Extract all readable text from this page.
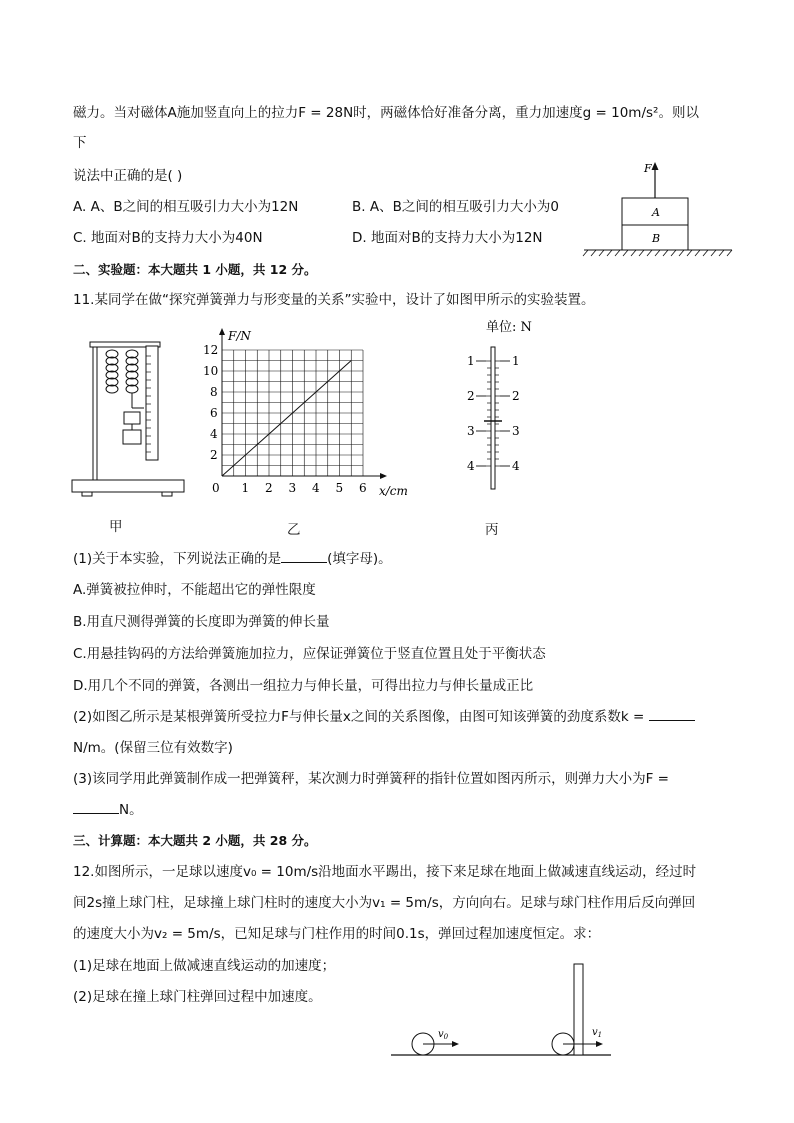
磁力。当对磁体A施加竖直向上的拉力F = 28N时，两磁体恰好准备分离，重力加速度g = 10m/s²。则以
下
说法中正确的是( )
A. A、B之间的相互吸引力大小为12N	B. A、B之间的相互吸引力大小为0
C. 地面对B的支持力大小为40N	D. 地面对B的支持力大小为12N
F
A
B
二、实验题：本大题共 1 小题，共 12 分。
11.某同学在做“探究弹簧弹力与形变量的关系”实验中，设计了如图甲所示的实验装置。
甲
0 1 2 3 4 5 6
2
4
6
8
10
12
x/cm
F/N
乙
单位: N
1
2
3
4
1
2
3
4
丙
(1)关于本实验，下列说法正确的是	(填字母)。
A.弹簧被拉伸时，不能超出它的弹性限度
B.用直尺测得弹簧的长度即为弹簧的伸长量
C.用悬挂钩码的方法给弹簧施加拉力，应保证弹簧位于竖直位置且处于平衡状态
D.用几个不同的弹簧，各测出一组拉力与伸长量，可得出拉力与伸长量成正比
(2)如图乙所示是某根弹簧所受拉力F与伸长量x之间的关系图像，由图可知该弹簧的劲度系数k =
N/m。(保留三位有效数字)
(3)该同学用此弹簧制作成一把弹簧秤，某次测力时弹簧秤的指针位置如图丙所示，则弹力大小为F =
N。
三、计算题：本大题共 2 小题，共 28 分。
12.如图所示，一足球以速度v₀ = 10m/s沿地面水平踢出，接下来足球在地面上做减速直线运动，经过时
间2s撞上球门柱，足球撞上球门柱时的速度大小为v₁ = 5m/s，方向向右。足球与球门柱作用后反向弹回
的速度大小为v₂ = 5m/s，已知足球与门柱作用的时间0.1s，弹回过程加速度恒定。求：
(1)足球在地面上做减速直线运动的加速度；
(2)足球在撞上球门柱弹回过程中加速度。
$v_0$	$v_1$
